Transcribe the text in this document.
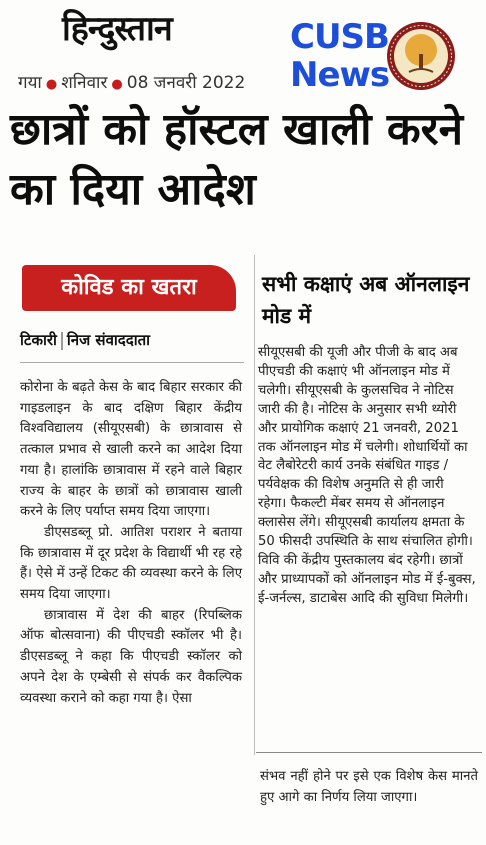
हिन्दुस्तान
गया ● शनिवार ● 08 जनवरी 2022
CUSB
News
छात्रों को हॉस्टल खाली करने का दिया आदेश
कोविड का खतरा
टिकारी निज संवाददाता

कोरोना के बढ़ते केस के बाद बिहार सरकार की गाइडलाइन के बाद दक्षिण बिहार केंद्रीय विश्वविद्यालय (सीयूएसबी) के छात्रावास से तत्काल प्रभाव से खाली करने का आदेश दिया गया है। हालांकि छात्रावास में रहने वाले बिहार राज्य के बाहर के छात्रों को छात्रावास खाली करने के लिए पर्याप्त समय दिया जाएगा।

डीएसडब्लू प्रो. आतिश पराशर ने बताया कि छात्रावास में दूर प्रदेश के विद्यार्थी भी रह रहे हैं। ऐसे में उन्हें टिकट की व्यवस्था करने के लिए समय दिया जाएगा।

छात्रावास में देश की बाहर (रिपब्लिक ऑफ बोत्सवाना) की पीएचडी स्कॉलर भी है। डीएसडब्लू ने कहा कि पीएचडी स्कॉलर को अपने देश के एम्बेसी से संपर्क कर वैकल्पिक व्यवस्था कराने को कहा गया है। ऐसा

सभी कक्षाएं अब ऑनलाइन मोड में
सीयूएसबी की यूजी और पीजी के बाद अब पीएचडी की कक्षाएं भी ऑनलाइन मोड में चलेगी। सीयूएसबी के कुलसचिव ने नोटिस जारी की है। नोटिस के अनुसार सभी थ्योरी और प्रायोगिक कक्षाएं 21 जनवरी, 2021 तक ऑनलाइन मोड में चलेगी। शोधार्थियों का वेट लैबोरेटरी कार्य उनके संबंधित गाइड / पर्यवेक्षक की विशेष अनुमति से ही जारी रहेगा। फैकल्टी मेंबर समय से ऑनलाइन क्लासेस लेंगे। सीयूएसबी कार्यालय क्षमता के 50 फीसदी उपस्थिति के साथ संचालित होगी। विवि की केंद्रीय पुस्तकालय बंद रहेगी। छात्रों और प्राध्यापकों को ऑनलाइन मोड में ई-बुक्स, ई-जर्नल्स, डाटाबेस आदि की सुविधा मिलेगी।
संभव नहीं होने पर इसे एक विशेष केस मानते हुए आगे का निर्णय लिया जाएगा।
